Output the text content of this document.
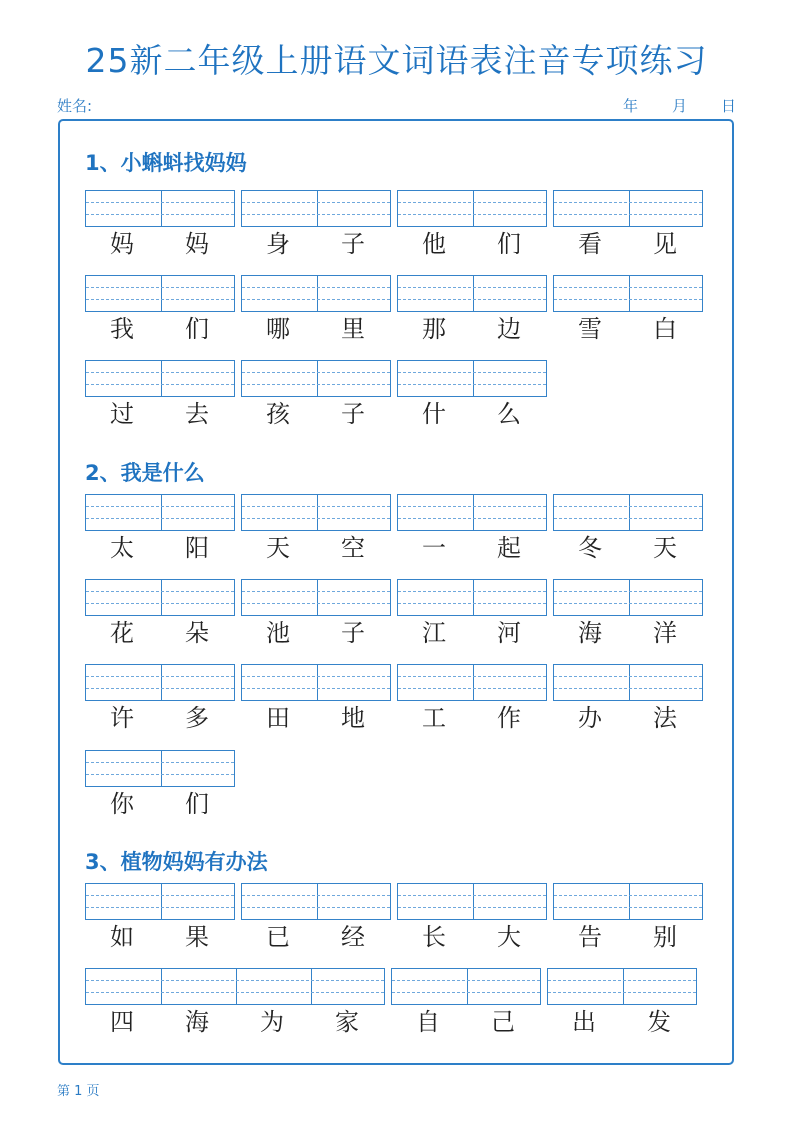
25新二年级上册语文词语表注音专项练习
姓名:	年 月 日
1、小蝌蚪找妈妈
妈	妈	身	子	他	们	看	见
我	们	哪	里	那	边	雪	白
过	去	孩	子	什	么
2、我是什么
太	阳	天	空	一	起	冬	天
花	朵	池	子	江	河	海	洋
许	多	田	地	工	作	办	法
你	们
3、植物妈妈有办法
如	果	已	经	长	大	告	别
四	海	为	家	自	己	出	发
第 1 页
